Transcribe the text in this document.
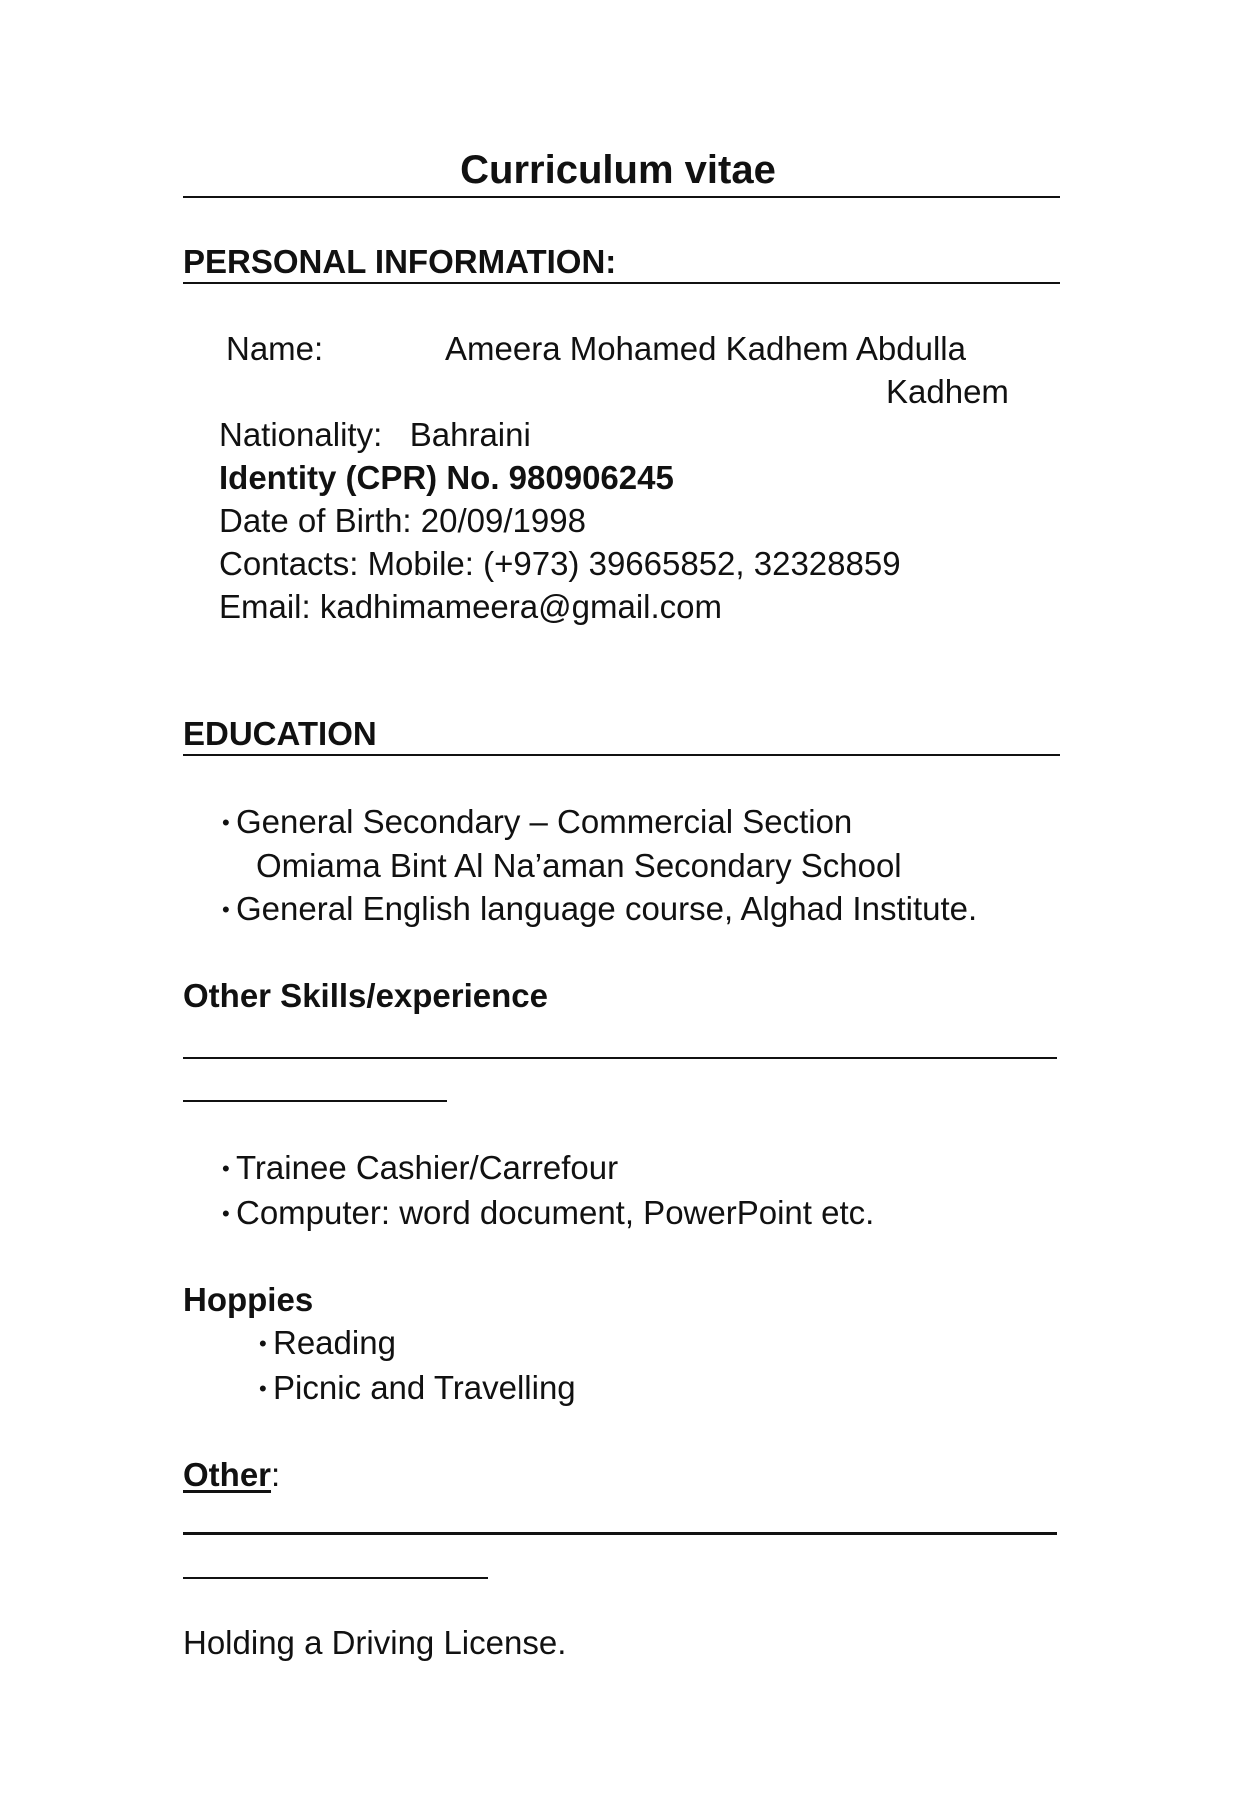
Curriculum vitae
PERSONAL INFORMATION:
Name:	Ameera Mohamed Kadhem Abdulla
Kadhem
Nationality:   Bahraini
Identity (CPR) No. 980906245
Date of Birth: 20/09/1998
Contacts: Mobile: (+973) 39665852, 32328859
Email: kadhimameera@gmail.com
EDUCATION
• General Secondary – Commercial Section
Omiama Bint Al Na’aman Secondary School
• General English language course, Alghad Institute.
Other Skills/experience
• Trainee Cashier/Carrefour
• Computer: word document, PowerPoint etc.
Hoppies
• Reading
• Picnic and Travelling
Other:
Holding a Driving License.
